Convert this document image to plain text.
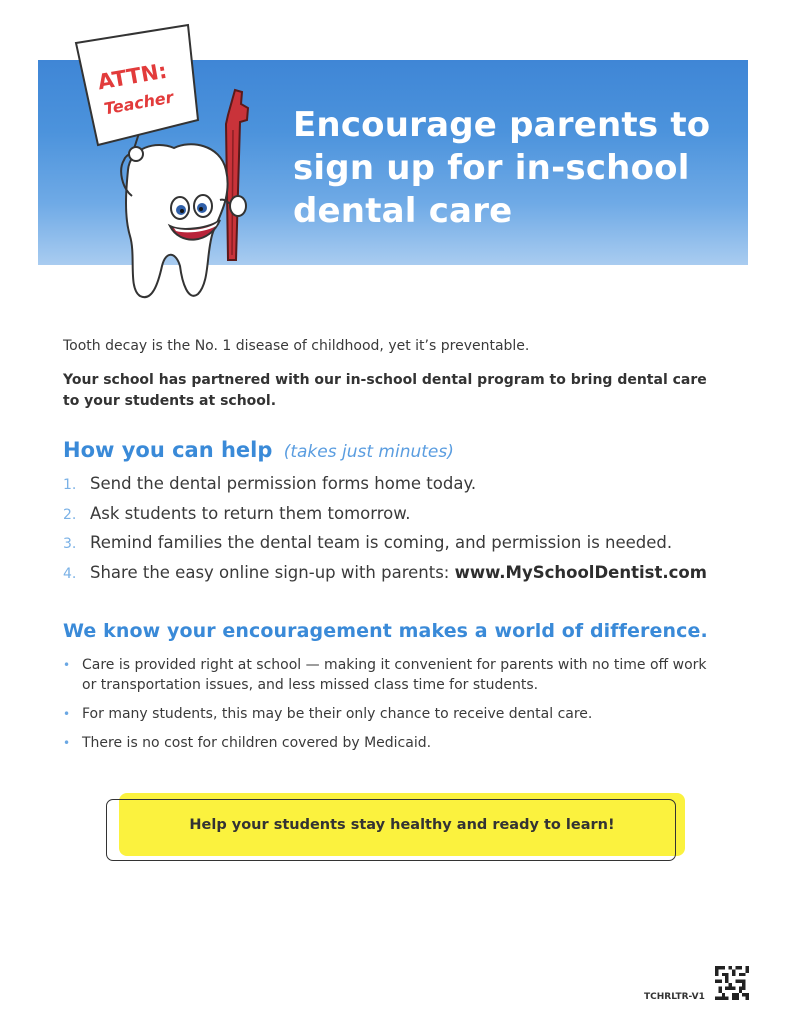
Encourage parents to sign up for in-school dental care
ATTN:
Teacher

Tooth decay is the No. 1 disease of childhood, yet it’s preventable.

Your school has partnered with our in-school dental program to bring dental care to your students at school.

How you can help (takes just minutes)
1. Send the dental permission forms home today.
2. Ask students to return them tomorrow.
3. Remind families the dental team is coming, and permission is needed.
4. Share the easy online sign-up with parents: www.MySchoolDentist.com
We know your encouragement makes a world of difference.
• Care is provided right at school — making it convenient for parents with no time off work or transportation issues, and less missed class time for students.
• For many students, this may be their only chance to receive dental care.
• There is no cost for children covered by Medicaid.

Help your students stay healthy and ready to learn!

TCHRLTR-V1
